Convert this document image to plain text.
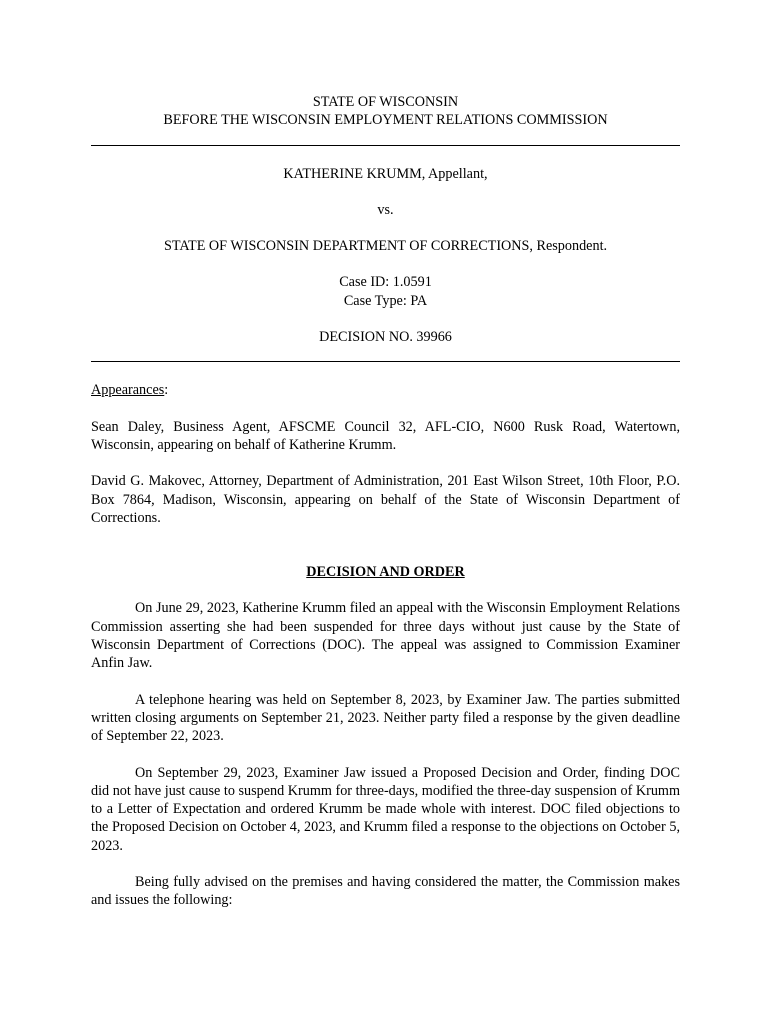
STATE OF WISCONSIN
BEFORE THE WISCONSIN EMPLOYMENT RELATIONS COMMISSION

KATHERINE KRUMM, Appellant,

vs.

STATE OF WISCONSIN DEPARTMENT OF CORRECTIONS, Respondent.

Case ID: 1.0591

Case Type: PA

DECISION NO. 39966

Appearances:

Sean Daley, Business Agent, AFSCME Council 32, AFL-CIO, N600 Rusk Road, Watertown, Wisconsin, appearing on behalf of Katherine Krumm.

David G. Makovec, Attorney, Department of Administration, 201 East Wilson Street, 10th Floor, P.O. Box 7864, Madison, Wisconsin, appearing on behalf of the State of Wisconsin Department of Corrections.

DECISION AND ORDER

On June 29, 2023, Katherine Krumm filed an appeal with the Wisconsin Employment Relations Commission asserting she had been suspended for three days without just cause by the State of Wisconsin Department of Corrections (DOC). The appeal was assigned to Commission Examiner Anfin Jaw.

A telephone hearing was held on September 8, 2023, by Examiner Jaw. The parties submitted written closing arguments on September 21, 2023. Neither party filed a response by the given deadline of September 22, 2023.

On September 29, 2023, Examiner Jaw issued a Proposed Decision and Order, finding DOC did not have just cause to suspend Krumm for three-days, modified the three-day suspension of Krumm to a Letter of Expectation and ordered Krumm be made whole with interest. DOC filed objections to the Proposed Decision on October 4, 2023, and Krumm filed a response to the objections on October 5, 2023.

Being fully advised on the premises and having considered the matter, the Commission makes and issues the following:
